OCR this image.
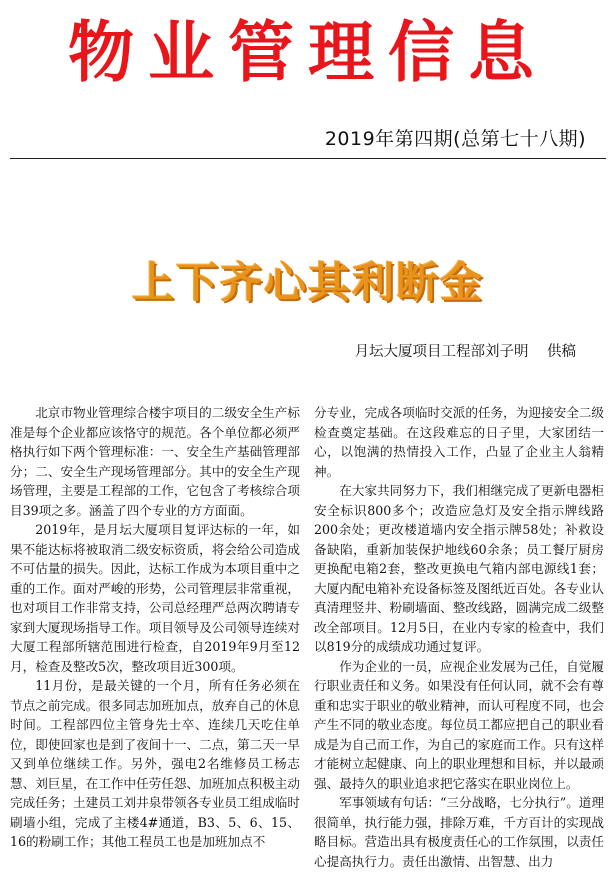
物业管理信息
2019年第四期(总第七十八期)
上下齐心其利断金
月坛大厦项目工程部刘子明    供稿

北京市物业管理综合楼宇项目的二级安全生产标准是每个企业都应该恪守的规范。各个单位都必须严格执行如下两个管理标准：一、安全生产基础管理部分；二、安全生产现场管理部分。其中的安全生产现场管理，主要是工程部的工作，它包含了考核综合项目39项之多。涵盖了四个专业的方方面面。

2019年，是月坛大厦项目复评达标的一年，如果不能达标将被取消二级安标资质，将会给公司造成不可估量的损失。因此，达标工作成为本项目重中之重的工作。面对严峻的形势，公司管理层非常重视，也对项目工作非常支持，公司总经理严总两次聘请专家到大厦现场指导工作。项目领导及公司领导连续对大厦工程部所辖范围进行检查，自2019年9月至12月，检查及整改5次，整改项目近300项。

11月份，是最关键的一个月，所有任务必须在节点之前完成。很多同志加班加点，放弃自己的休息时间。工程部四位主管身先士卒、连续几天吃住单位，即使回家也是到了夜间十一、二点，第二天一早又到单位继续工作。另外，强电2名维修员工杨志慧、刘巨星，在工作中任劳任怨、加班加点积极主动完成任务；土建员工刘井泉带领各专业员工组成临时刷墙小组，完成了主楼4#通道，B3、5、6、15、16的粉刷工作；其他工程员工也是加班加点不

分专业，完成各项临时交派的任务，为迎接安全二级检查奠定基础。在这段难忘的日子里，大家团结一心，以饱满的热情投入工作，凸显了企业主人翁精神。

在大家共同努力下，我们相继完成了更新电器柜安全标识800多个；改造应急灯及安全指示牌线路200余处；更改楼道墙内安全指示牌58处；补救设备缺陷，重新加装保护地线60余条；员工餐厅厨房更换配电箱2套，整改更换电气箱内部电源线1套；大厦内配电箱补充设备标签及图纸近百处。各专业认真清理竖井、粉刷墙面、整改线路，圆满完成二级整改全部项目。12月5日，在业内专家的检查中，我们以819分的成绩成功通过复评。

作为企业的一员，应视企业发展为己任，自觉履行职业责任和义务。如果没有任何认同，就不会有尊重和忠实于职业的敬业精神，而认可程度不同，也会产生不同的敬业态度。每位员工都应把自己的职业看成是为自己而工作，为自己的家庭而工作。只有这样才能树立起健康、向上的职业理想和目标，并以最顽强、最持久的职业追求把它落实在职业岗位上。

军事领域有句话：“三分战略，七分执行”。道理很简单，执行能力强，排除万难，千方百计的实现战略目标。营造出具有极度责任心的工作氛围，以责任心提高执行力。责任出激情、出智慧、出力
